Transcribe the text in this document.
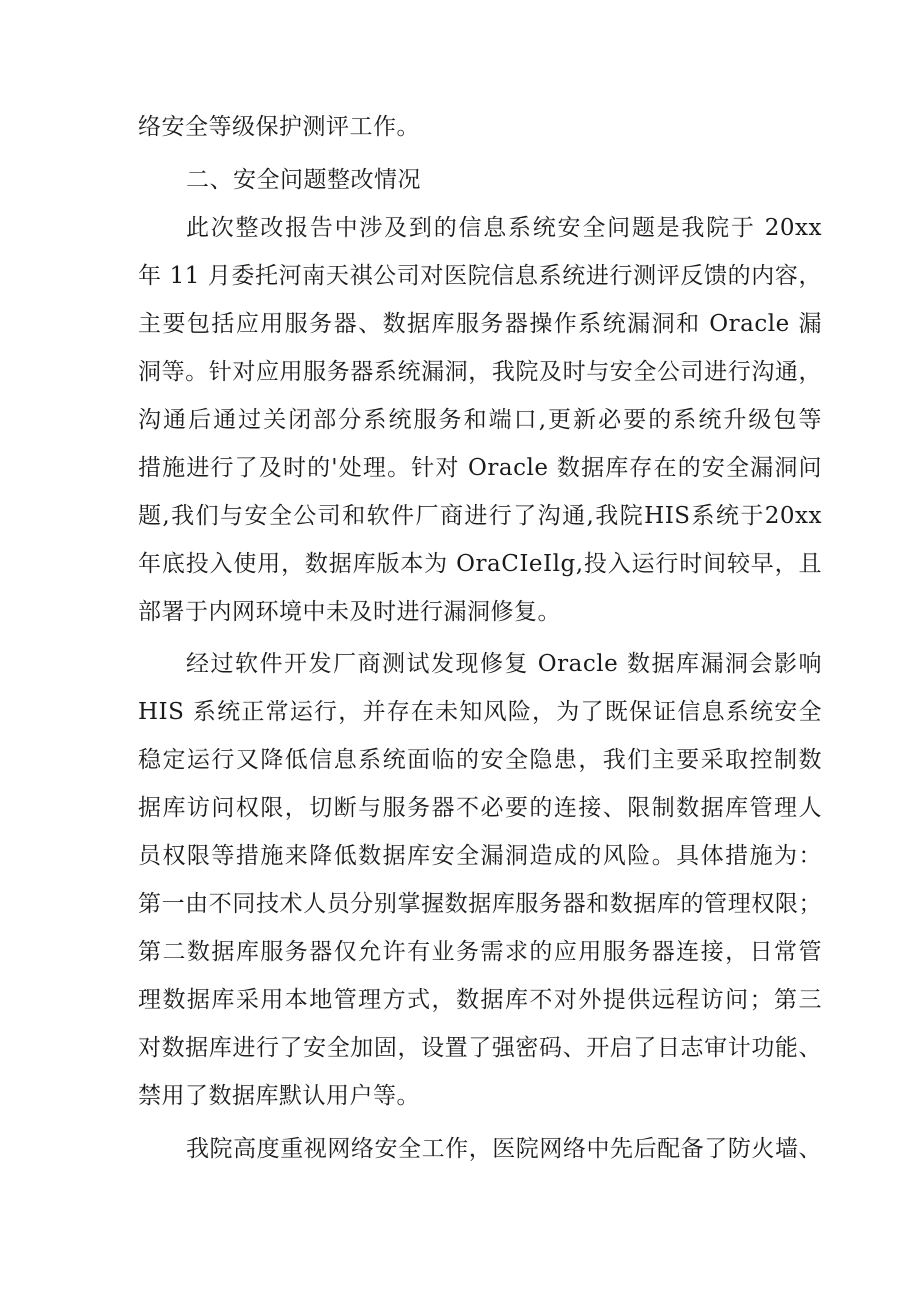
络安全等级保护测评工作。
二、安全问题整改情况
此次整改报告中涉及到的信息系统安全问题是我院于 20xx
年 11 月委托河南天祺公司对医院信息系统进行测评反馈的内容，
主要包括应用服务器、数据库服务器操作系统漏洞和 Oracle 漏
洞等。针对应用服务器系统漏洞，我院及时与安全公司进行沟通，
沟通后通过关闭部分系统服务和端口,更新必要的系统升级包等
措施进行了及时的'处理。针对 Oracle 数据库存在的安全漏洞问
题,我们与安全公司和软件厂商进行了沟通,我院HIS系统于20xx
年底投入使用，数据库版本为 OraCIeIlg,投入运行时间较早，且
部署于内网环境中未及时进行漏洞修复。
经过软件开发厂商测试发现修复 Oracle 数据库漏洞会影响
HIS 系统正常运行，并存在未知风险，为了既保证信息系统安全
稳定运行又降低信息系统面临的安全隐患，我们主要采取控制数
据库访问权限，切断与服务器不必要的连接、限制数据库管理人
员权限等措施来降低数据库安全漏洞造成的风险。具体措施为：
第一由不同技术人员分别掌握数据库服务器和数据库的管理权限；
第二数据库服务器仅允许有业务需求的应用服务器连接，日常管
理数据库采用本地管理方式，数据库不对外提供远程访问；第三
对数据库进行了安全加固，设置了强密码、开启了日志审计功能、
禁用了数据库默认用户等。
我院高度重视网络安全工作，医院网络中先后配备了防火墙、
